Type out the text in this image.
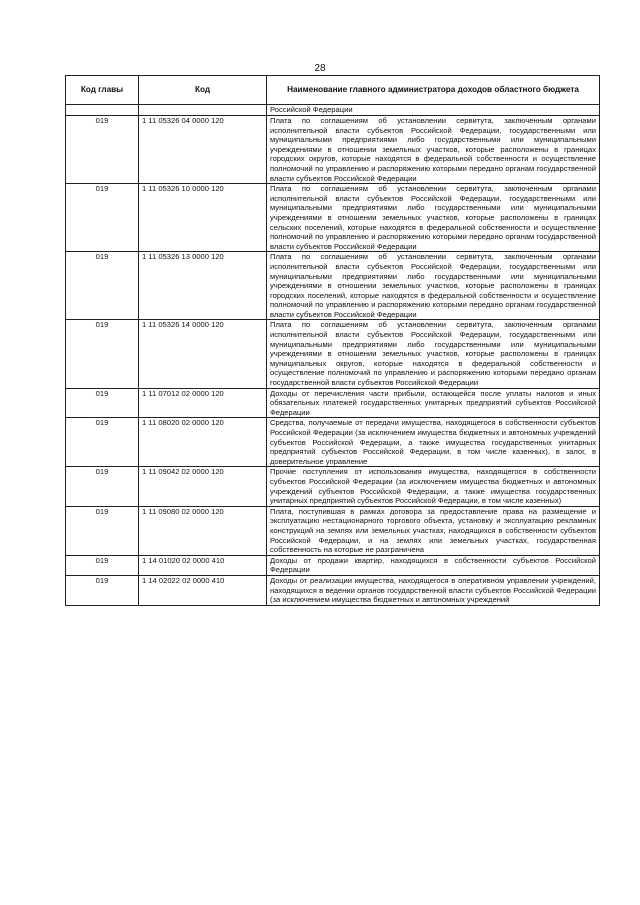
28
Код главы	Код	Наименование главного администратора доходов областного бюджета
		Российской Федерации
019	1 11 05326 04 0000 120	Плата по соглашениям об установлении сервитута, заключенным органами исполнительной власти субъектов Российской Федерации, государственными или муниципальными предприятиями либо государственными или муниципальными учреждениями в отношении земельных участков, которые расположены в границах городских округов, которые находятся в федеральной собственности и осуществление полномочий по управлению и распоряжению которыми передано органам государственной власти субъектов Российской Федерации
019	1 11 05326 10 0000 120	Плата по соглашениям об установлении сервитута, заключенным органами исполнительной власти субъектов Российской Федерации, государственными или муниципальными предприятиями либо государственными или муниципальными учреждениями в отношении земельных участков, которые расположены в границах сельских поселений, которые находятся в федеральной собственности и осуществление полномочий по управлению и распоряжению которыми передано органам государственной власти субъектов Российской Федерации
019	1 11 05326 13 0000 120	Плата по соглашениям об установлении сервитута, заключенным органами исполнительной власти субъектов Российской Федерации, государственными или муниципальными предприятиями либо государственными или муниципальными учреждениями в отношении земельных участков, которые расположены в границах городских поселений, которые находятся в федеральной собственности и осуществление полномочий по управлению и распоряжению которыми передано органам государственной власти субъектов Российской Федерации
019	1 11 05326 14 0000 120	Плата по соглашениям об установлении сервитута, заключенным органами исполнительной власти субъектов Российской Федерации, государственными или муниципальными предприятиями либо государственными или муниципальными учреждениями в отношении земельных участков, которые расположены в границах муниципальных округов, которые находятся в федеральной собственности и осуществление полномочий по управлению и распоряжению которыми передано органам государственной власти субъектов Российской Федерации
019	1 11 07012 02 0000 120	Доходы от перечисления части прибыли, остающейся после уплаты налогов и иных обязательных платежей государственных унитарных предприятий субъектов Российской Федерации
019	1 11 08020 02 0000 120	Средства, получаемые от передачи имущества, находящегося в собственности субъектов Российской Федерации (за исключением имущества бюджетных и автономных учреждений субъектов Российской Федерации, а также имущества государственных унитарных предприятий субъектов Российской Федерации, в том числе казенных), в залог, в доверительное управление
019	1 11 09042 02 0000 120	Прочие поступления от использования имущества, находящегося в собственности субъектов Российской Федерации (за исключением имущества бюджетных и автономных учреждений субъектов Российской Федерации, а также имущества государственных унитарных предприятий субъектов Российской Федерации, в том числе казенных)
019	1 11 09080 02 0000 120	Плата, поступившая в рамках договора за предоставление права на размещение и эксплуатацию нестационарного торгового объекта, установку и эксплуатацию рекламных конструкций на землях или земельных участках, находящихся в собственности субъектов Российской Федерации, и на землях или земельных участках, государственная собственность на которые не разграничена
019	1 14 01020 02 0000 410	Доходы от продажи квартир, находящихся в собственности субъектов Российской Федерации
019	1 14 02022 02 0000 410	Доходы от реализации имущества, находящегося в оперативном управлении учреждений, находящихся в ведении органов государственной власти субъектов Российской Федерации (за исключением имущества бюджетных и автономных учреждений
